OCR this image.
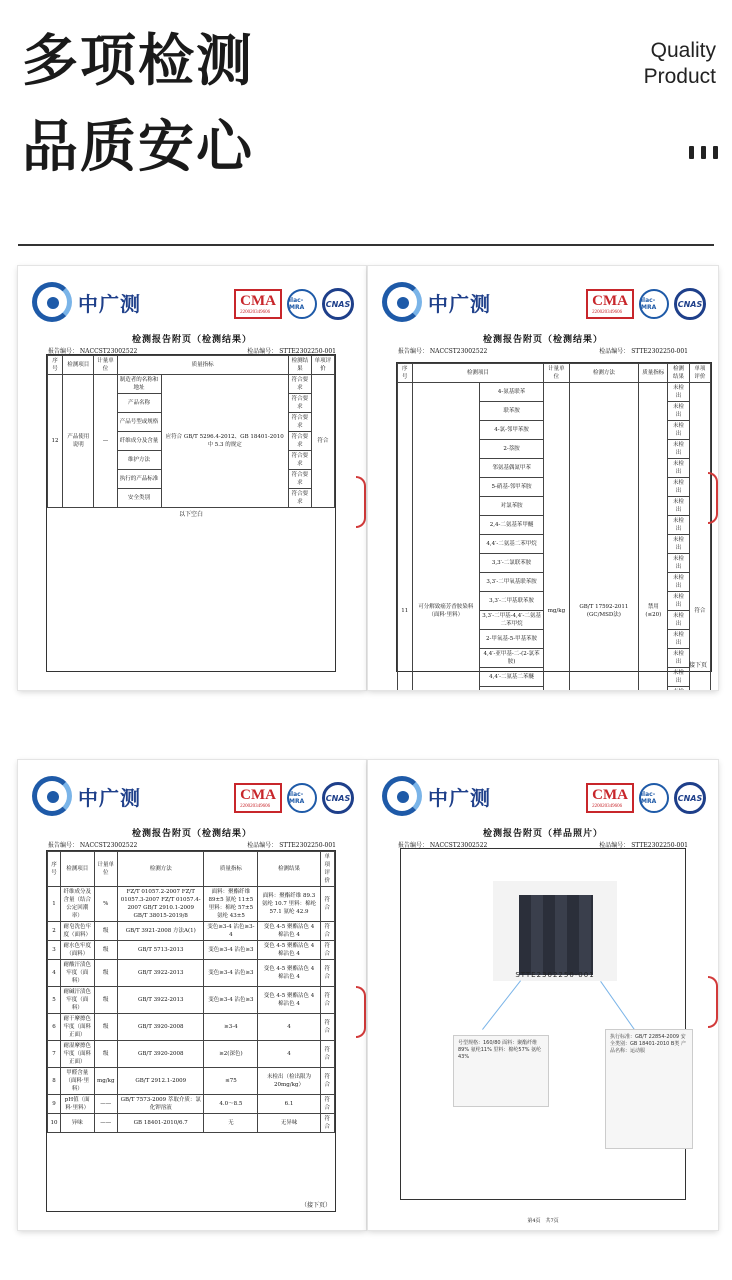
多项检测
品质安心
Quality
Product
中广测	CMA
220020349606
ilac-MRA	CNAS
检测报告附页（检测结果）
报告编号： NACCST23002522	检品编号： STTE2302250-001
序号	检测项目	计量单位	质量指标		检测结果	单项评价
12	产品使用说明	—	制造者的名称和地址	应符合 GB/T 5296.4-2012、GB 18401-2010 中 5.3 的规定	符合要求	符合
			产品名称		符合要求	
			产品号型或规格		符合要求	
			纤维成分及含量		符合要求	
			维护方法		符合要求	
			执行的产品标准		符合要求	
			安全类别		符合要求	
以下空白
中广测	CMA
220020349606
ilac-MRA	CNAS
检测报告附页（检测结果）
报告编号： NACCST23002522	检品编号： STTE2302250-001
序号	检测项目		计量单位	检测方法	质量指标	检测结果	单项评价
11	可分解致癌芳香胺染料（面料·里料）	4-氨基联苯	mg/kg	GB/T 17592-2011 (GC/MSD法)	禁用 (≤20)	未检出	符合
		联苯胺				未检出	
		4-氯-邻甲苯胺				未检出	
		2-萘胺				未检出	
		邻氨基偶氮甲苯				未检出	
		5-硝基-邻甲苯胺				未检出	
		对氯苯胺				未检出	
		2,4-二氨基苯甲醚				未检出	
		4,4′-二氨基二苯甲烷				未检出	
		3,3′-二氯联苯胺				未检出	
		3,3′-二甲氧基联苯胺				未检出	
		3,3′-二甲基联苯胺				未检出	
		3,3′-二甲基-4,4′-二氨基二苯甲烷				未检出	
		2-甲氧基-5-甲基苯胺				未检出	
		4,4′-亚甲基-二-(2-氯苯胺)				未检出	
		4,4′-二氨基二苯醚				未检出	

接下页
中广测	CMA
220020349606
ilac-MRA	CNAS
检测报告附页（检测结果）
报告编号： NACCST23002522	检品编号： STTE2302250-001
序号	检测项目	计量单位	检测方法	质量指标	检测结果	单项评价
1	纤维成分及含量（结合公定回潮率）	%	FZ/T 01057.2-2007 FZ/T 01057.3-2007 FZ/T 01057.4-2007 GB/T 2910.1-2009 GB/T 38015-2019/8	面料：聚酯纤维 89±5 氨纶 11±5 里料：棉纶 57±5 氨纶 43±5	面料：聚酯纤维 89.3 氨纶 10.7 里料：棉纶 57.1 氨纶 42.9	符合
2	耐皂洗色牢度（面料）	级	GB/T 3921-2008 方法A(1)	变色≥3-4 沾色≥3-4	变色 4-5 聚酯沾色 4 棉沾色 4	符合
3	耐水色牢度（面料）	级	GB/T 5713-2013	变色≥3-4 沾色≥3	变色 4-5 聚酯沾色 4 棉沾色 4	符合
4	耐酸汗渍色牢度（面料）	级	GB/T 3922-2013	变色≥3-4 沾色≥3	变色 4-5 聚酯沾色 4 棉沾色 4	符合
5	耐碱汗渍色牢度（面料）	级	GB/T 3922-2013	变色≥3-4 沾色≥3	变色 4-5 聚酯沾色 4 棉沾色 4	符合
6	耐干摩擦色牢度（面料正面）	级	GB/T 3920-2008	≥3-4	4	符合
7	耐湿摩擦色牢度（面料正面）	级	GB/T 3920-2008	≥2(深色)	4	符合
8	甲醛含量（面料·里料）	mg/kg	GB/T 2912.1-2009	≤75	未检出（检出限为20mg/kg）	符合
9	pH值（面料·里料）	——	GB/T 7573-2009 萃取介质：氯化钾溶液	4.0～8.5	6.1	符合
10	异味	——	GB 18401-2010/6.7	无	无异味	符合
（接下页）
中广测	CMA
220020349606
ilac-MRA	CNAS
检测报告附页（样品照片）
报告编号： NACCST23002522	检品编号： STTE2302250-001
STTE2302250-001
号型规格：160/80 面料：聚酯纤维89% 氨纶11% 里料：棉纶57% 氨纶43%
执行标准：GB/T 22854-2009 安全类别：GB 18401-2010 B类 产品名称：运动服
第4页　共7页
